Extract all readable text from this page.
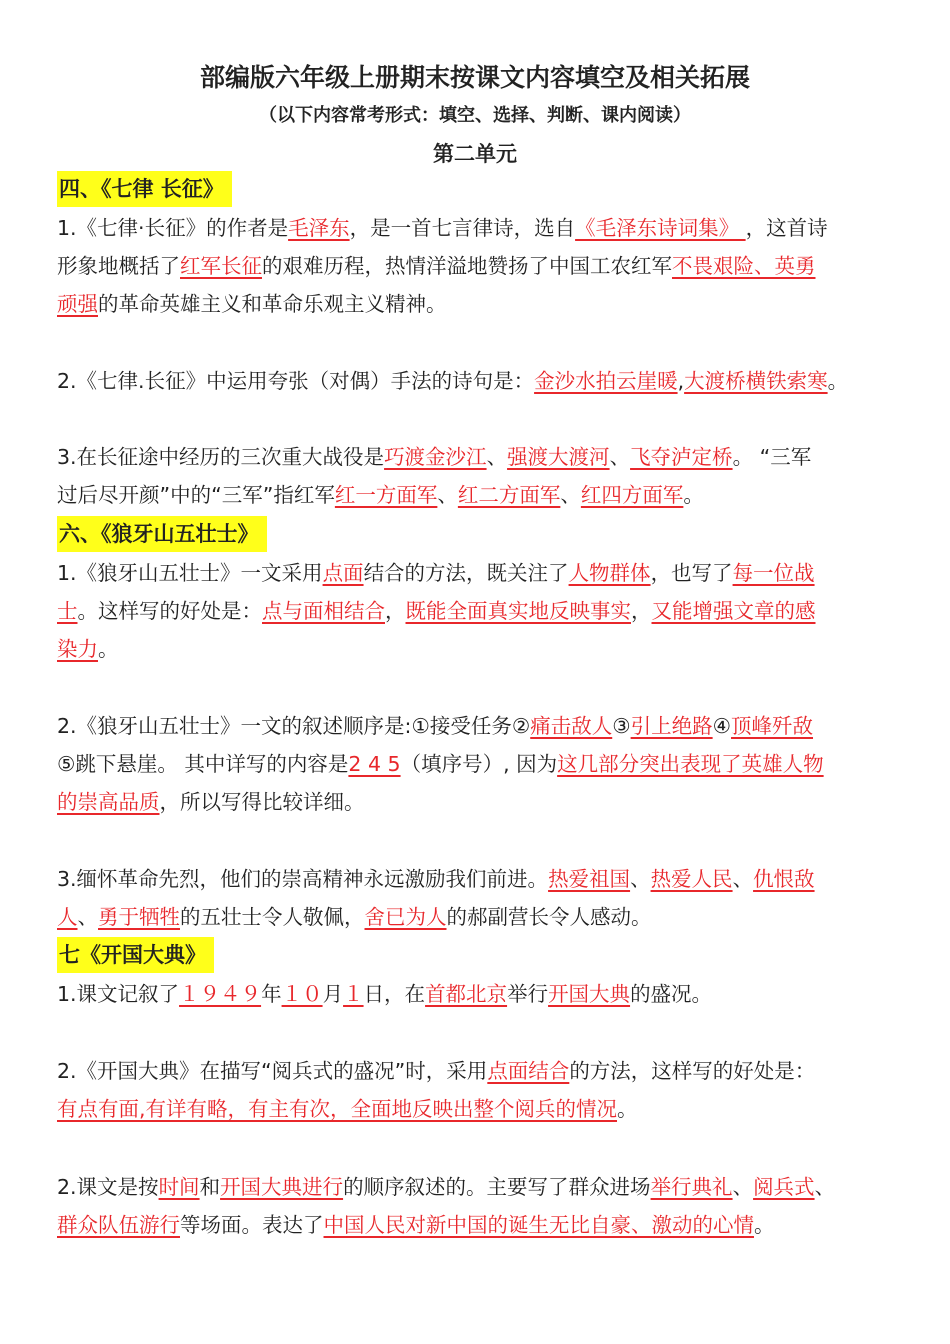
部编版六年级上册期末按课文内容填空及相关拓展
（以下内容常考形式：填空、选择、判断、课内阅读）
第二单元
四、《七律 长征》
1.《七律·长征》的作者是毛泽东，是一首七言律诗，选自《毛泽东诗词集》 ，这首诗
形象地概括了红军长征的艰难历程，热情洋溢地赞扬了中国工农红军不畏艰险、英勇
顽强的革命英雄主义和革命乐观主义精神。
2.《七律.长征》中运用夸张（对偶）手法的诗句是：金沙水拍云崖暖,大渡桥横铁索寒。
3.在长征途中经历的三次重大战役是巧渡金沙江、强渡大渡河、飞夺泸定桥。 “三军
过后尽开颜”中的“三军”指红军红一方面军、红二方面军、红四方面军。
六、《狼牙山五壮士》
1.《狼牙山五壮士》一文采用点面结合的方法，既关注了人物群体，也写了每一位战
士。这样写的好处是：点与面相结合，既能全面真实地反映事实，又能增强文章的感
染力。
2.《狼牙山五壮士》一文的叙述顺序是:①接受任务②痛击敌人③引上绝路④顶峰歼敌
⑤跳下悬崖。 其中详写的内容是2 4 5（填序号）, 因为这几部分突出表现了英雄人物
的崇高品质，所以写得比较详细。
3.缅怀革命先烈，他们的崇高精神永远激励我们前进。热爱祖国、热爱人民、仇恨敌
人、勇于牺牲的五壮士令人敬佩，舍已为人的郝副营长令人感动。
七《开国大典》
1.课文记叙了１９４９年１０月１日，在首都北京举行开国大典的盛况。
2.《开国大典》在描写“阅兵式的盛况”时，采用点面结合的方法，这样写的好处是：
有点有面,有详有略，有主有次，全面地反映出整个阅兵的情况。
2.课文是按时间和开国大典进行的顺序叙述的。主要写了群众进场举行典礼、阅兵式、
群众队伍游行等场面。表达了中国人民对新中国的诞生无比自豪、激动的心情。
